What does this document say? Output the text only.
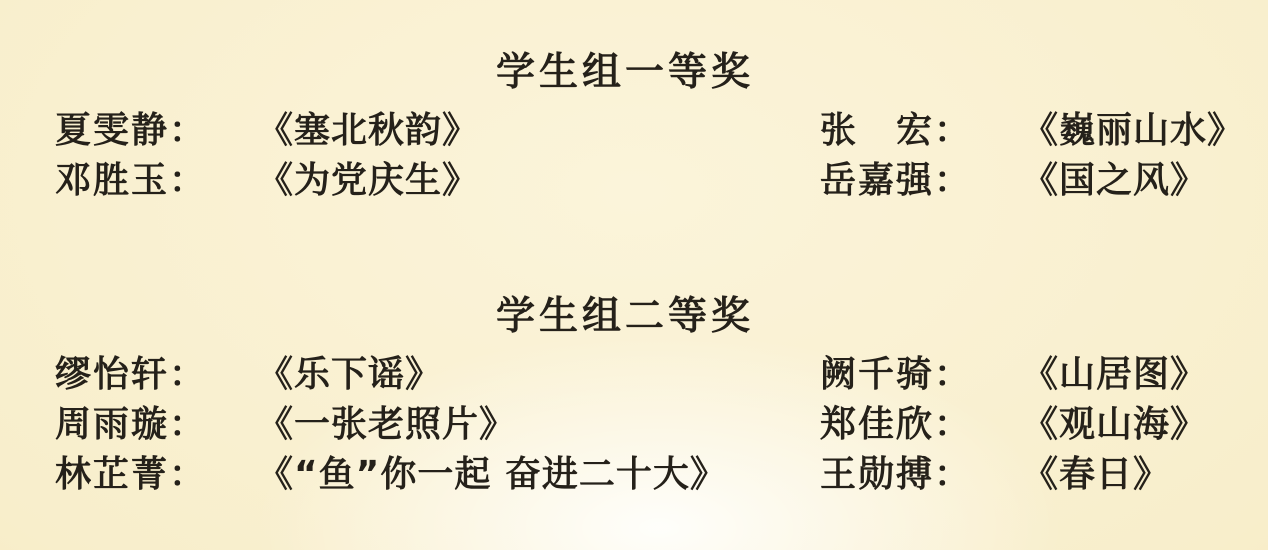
学生组一等奖
夏雯静： 《塞北秋韵》	张　宏： 《巍丽山水》
邓胜玉： 《为党庆生》	岳嘉强： 《国之风》
学生组二等奖
缪怡轩： 《乐下谣》	阙千骑： 《山居图》
周雨璇： 《一张老照片》	郑佳欣： 《观山海》
林芷菁： 《“鱼”你一起 奋进二十大》	王勋搏： 《春日》
